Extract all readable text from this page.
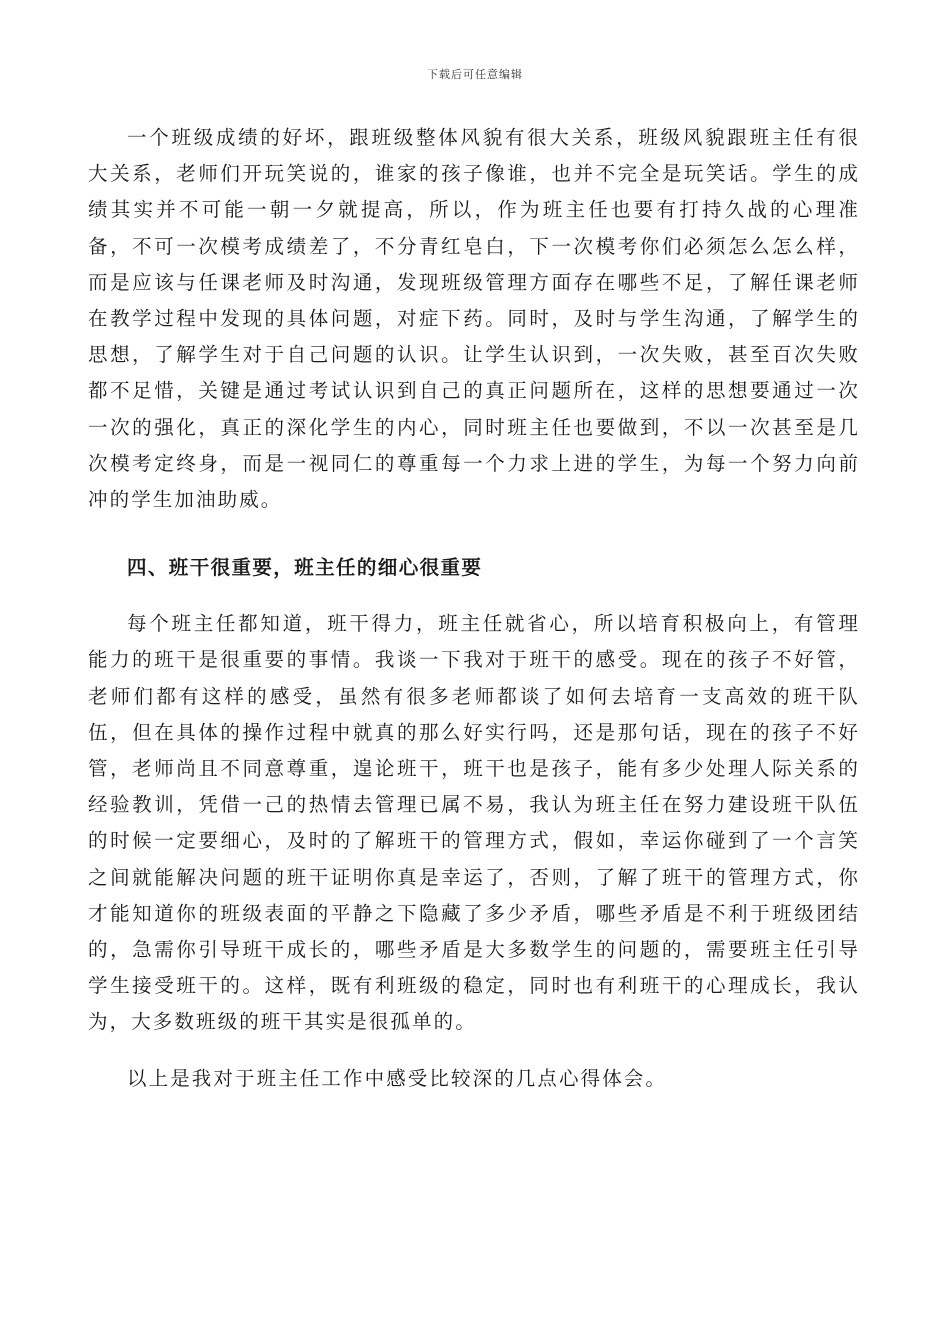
下载后可任意编辑

一个班级成绩的好坏，跟班级整体风貌有很大关系，班级风貌跟班主任有很大关系，老师们开玩笑说的，谁家的孩子像谁，也并不完全是玩笑话。学生的成绩其实并不可能一朝一夕就提高，所以，作为班主任也要有打持久战的心理准备，不可一次模考成绩差了，不分青红皂白，下一次模考你们必须怎么怎么样，而是应该与任课老师及时沟通，发现班级管理方面存在哪些不足，了解任课老师在教学过程中发现的具体问题，对症下药。同时，及时与学生沟通，了解学生的思想，了解学生对于自己问题的认识。让学生认识到，一次失败，甚至百次失败都不足惜，关键是通过考试认识到自己的真正问题所在，这样的思想要通过一次一次的强化，真正的深化学生的内心，同时班主任也要做到，不以一次甚至是几次模考定终身，而是一视同仁的尊重每一个力求上进的学生，为每一个努力向前冲的学生加油助威。

四、班干很重要，班主任的细心很重要

每个班主任都知道，班干得力，班主任就省心，所以培育积极向上，有管理能力的班干是很重要的事情。我谈一下我对于班干的感受。现在的孩子不好管，老师们都有这样的感受，虽然有很多老师都谈了如何去培育一支高效的班干队伍，但在具体的操作过程中就真的那么好实行吗，还是那句话，现在的孩子不好管，老师尚且不同意尊重，遑论班干，班干也是孩子，能有多少处理人际关系的经验教训，凭借一己的热情去管理已属不易，我认为班主任在努力建设班干队伍的时候一定要细心，及时的了解班干的管理方式，假如，幸运你碰到了一个言笑之间就能解决问题的班干证明你真是幸运了，否则，了解了班干的管理方式，你才能知道你的班级表面的平静之下隐藏了多少矛盾，哪些矛盾是不利于班级团结的，急需你引导班干成长的，哪些矛盾是大多数学生的问题的，需要班主任引导学生接受班干的。这样，既有利班级的稳定，同时也有利班干的心理成长，我认为，大多数班级的班干其实是很孤单的。

以上是我对于班主任工作中感受比较深的几点心得体会。
